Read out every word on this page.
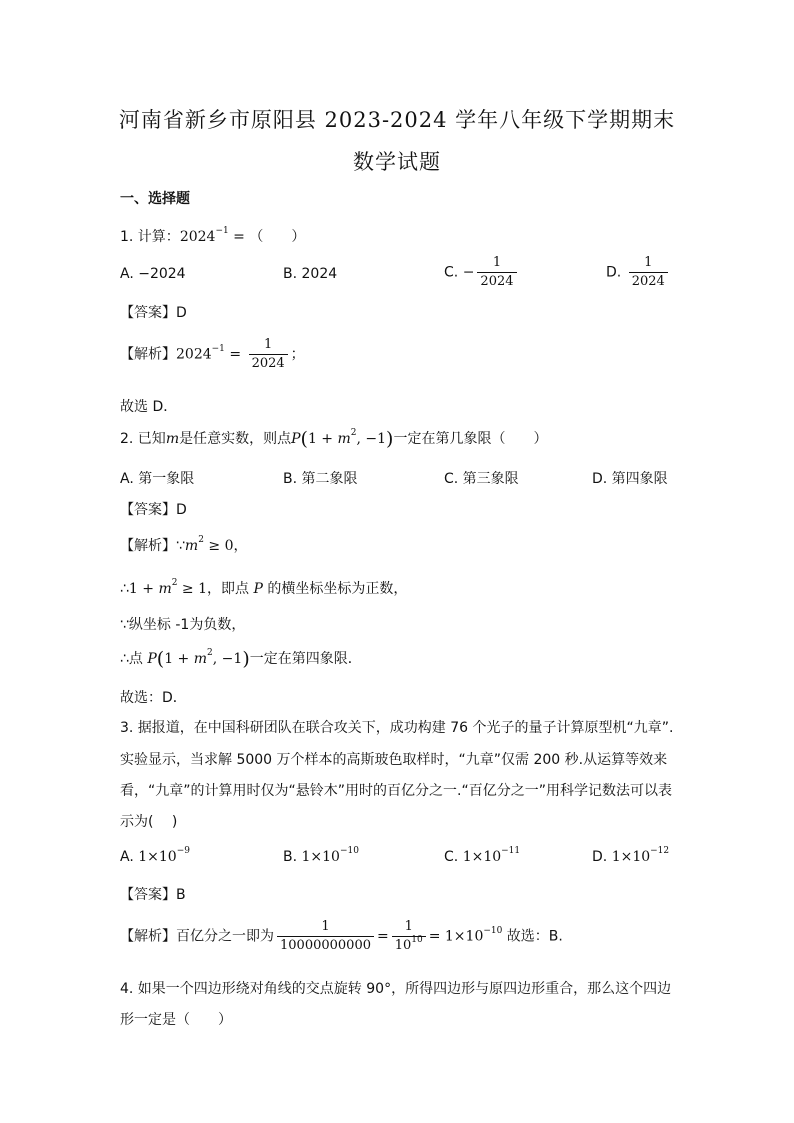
河南省新乡市原阳县 2023-2024 学年八年级下学期期末
数学试题
一、选择题
1. 计算：$2024^{-1}$ = （　　）
A. −2024	B. 2024	C. − $\frac{1}{2024}$	D. $\frac{1}{2024}$
【答案】D
【解析】$2024^{-1} = \frac{1}{2024}$ ；
故选 D．
2. 已知m是任意实数，则点$P(1 + m^2$, −1)一定在第几象限（　　）
A. 第一象限	B. 第二象限	C. 第三象限	D. 第四象限
【答案】D
【解析】$\because m^2 \ge 0$，
∴1 + $m^2 \ge 1$，即点 P 的横坐标坐标为正数，
∵纵坐标 -1为负数，
∴点 $P(1 + m^2$, −1)一定在第四象限．
故选：D．
3. 据报道，在中国科研团队在联合攻关下，成功构建 76 个光子的量子计算原型机“九章”.
实验显示，当求解 5000 万个样本的高斯玻色取样时，“九章”仅需 200 秒.从运算等效来
看，“九章”的计算用时仅为“悬铃木”用时的百亿分之一.“百亿分之一”用科学记数法可以表
示为(　 )
A. $1\times 10^{-9}$	B. $1\times 10^{-10}$	C. $1\times 10^{-11}$	D. $1\times 10^{-12}$
【答案】B
【解析】百亿分之一即为 $\frac{1}{10000000000} = \frac{1}{10^{10}} = 1\times 10^{-10}$ 故选：B.
4. 如果一个四边形绕对角线的交点旋转 90°，所得四边形与原四边形重合，那么这个四边
形一定是（　　）
